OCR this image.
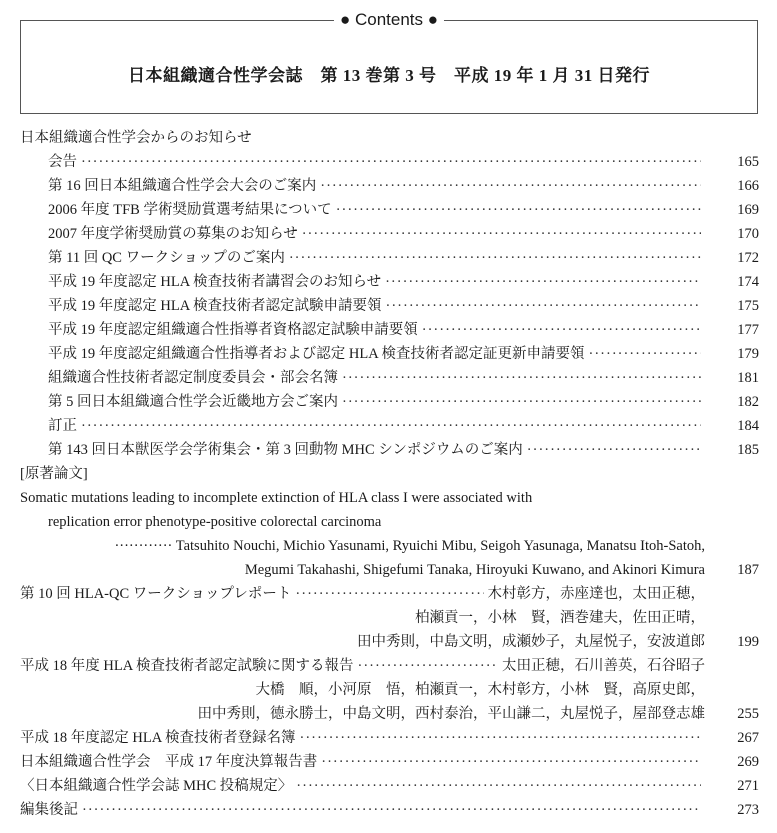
● Contents ●
日本組織適合性学会誌　第 13 巻第 3 号　平成 19 年 1 月 31 日発行
日本組織適合性学会からのお知らせ
会告 ·····	165
第 16 回日本組織適合性学会大会のご案内 ·····	166
2006 年度 TFB 学術奨励賞選考結果について ·····	169
2007 年度学術奨励賞の募集のお知らせ ·····	170
第 11 回 QC ワークショップのご案内 ·····	172
平成 19 年度認定 HLA 検査技術者講習会のお知らせ ·····	174
平成 19 年度認定 HLA 検査技術者認定試験申請要領 ·····	175
平成 19 年度認定組織適合性指導者資格認定試験申請要領 ·····	177
平成 19 年度認定組織適合性指導者および認定 HLA 検査技術者認定証更新申請要領 ·····	179
組織適合性技術者認定制度委員会・部会名簿 ·····	181
第 5 回日本組織適合性学会近畿地方会ご案内 ·····	182
訂正 ·····	184
第 143 回日本獣医学会学術集会・第 3 回動物 MHC シンポジウムのご案内 ·····	185
[原著論文]
Somatic mutations leading to incomplete extinction of HLA class I were associated with
replication error phenotype-positive colorectal carcinoma
············ Tatsuhito Nouchi, Michio Yasunami, Ryuichi Mibu, Seigoh Yasunaga, Manatsu Itoh-Satoh,
Megumi Takahashi, Shigefumi Tanaka, Hiroyuki Kuwano, and Akinori Kimura	187
第 10 回 HLA-QC ワークショップレポート ·····	木村彰方，赤座達也，太田正穂，
柏瀬貢一，小林　賢，酒巻建夫，佐田正晴，
田中秀則，中島文明，成瀬妙子，丸屋悦子，安波道郎	199
平成 18 年度 HLA 検査技術者認定試験に関する報告 ·····	太田正穂，石川善英，石谷昭子
大橋　順，小河原　悟，柏瀬貢一，木村彰方，小林　賢，高原史郎，
田中秀則，德永勝士，中島文明，西村泰治，平山謙二，丸屋悦子，屋部登志雄	255
平成 18 年度認定 HLA 検査技術者登録名簿 ·····	267
日本組織適合性学会　平成 17 年度決算報告書 ·····	269
〈日本組織適合性学会誌 MHC 投稿規定〉 ·····	271
編集後記 ·····	273
